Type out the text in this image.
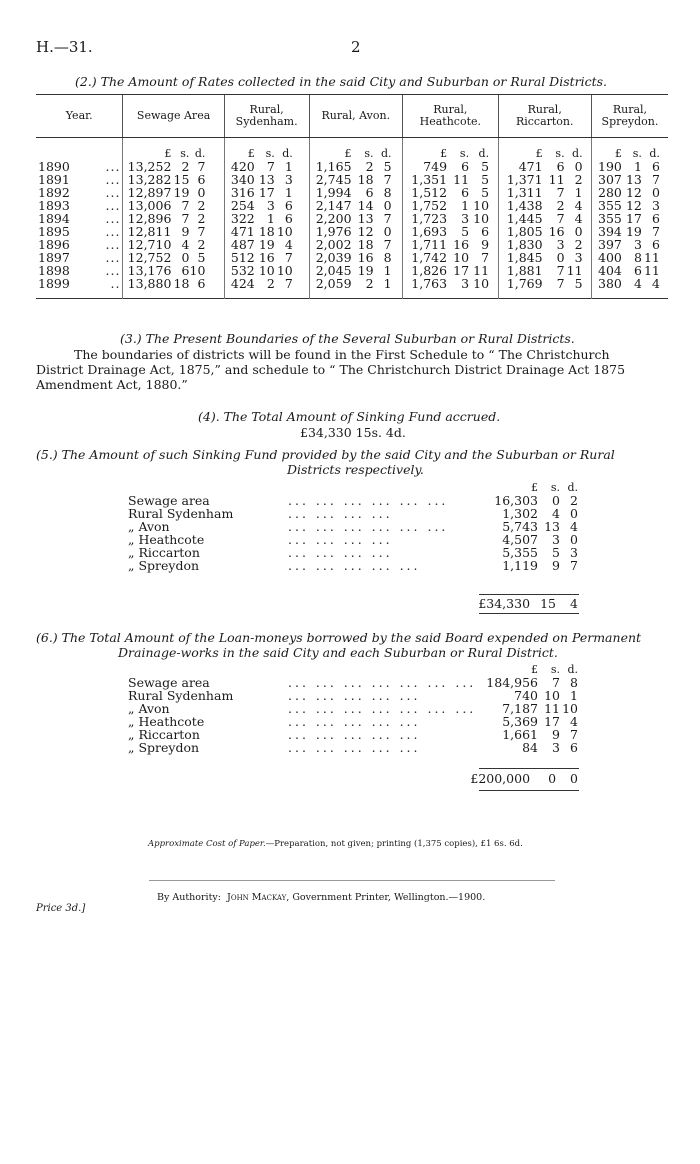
H.—31.	2
(2.) The Amount of Rates collected in the said City and Suburban or Rural Districts.
Year.		Sewage Area	Rural, Sydenham.	Rural, Avon.	Rural, Heathcote.	Rural, Riccarton.	Rural, Spreydon.
		£ s. d.	£ s. d.	£ s. d.	£ s. d.	£ s. d.	£ s. d.
1890	...	13,252 2 7	420 7 1	1,165 2 5	749 6 5	471 6 0	190 1 6
1891	...	13,282 15 6	340 13 3	2,745 18 7	1,351 11 5	1,371 11 2	307 13 7
1892	...	12,897 19 0	316 17 1	1,994 6 8	1,512 6 5	1,311 7 1	280 12 0
1893	...	13,006 7 2	254 3 6	2,147 14 0	1,752 1 10	1,438 2 4	355 12 3
1894	...	12,896 7 2	322 1 6	2,200 13 7	1,723 3 10	1,445 7 4	355 17 6
1895	...	12,811 9 7	471 18 10	1,976 12 0	1,693 5 6	1,805 16 0	394 19 7
1896	...	12,710 4 2	487 19 4	2,002 18 7	1,711 16 9	1,830 3 2	397 3 6
1897	...	12,752 0 5	512 16 7	2,039 16 8	1,742 10 7	1,845 0 3	400 8 11
1898	...	13,176 610	532 10 10	2,045 19 1	1,826 17 11	1,881 7 11	404 6 11
1899	..	13,880 18 6	424 2 7	2,059 2 1	1,763 3 10	1,769 7 5	380 4 4
(3.) The Present Boundaries of the Several Suburban or Rural Districts.
The boundaries of districts will be found in the First Schedule to “ The Christchurch
District Drainage Act, 1875,” and schedule to “ The Christchurch District Drainage Act 1875
Amendment Act, 1880.”
(4). The Total Amount of Sinking Fund accrued.
£34,330 15s. 4d.
(5.) The Amount of such Sinking Fund provided by the said City and the Suburban or Rural
Districts respectively.
£ s. d.
Sewage area	... ... ... ... ... ...	16,303 0 2
Rural Sydenham	... ... ... ...	1,302 4 0
„ Avon	... ... ... ... ... ...	5,743 13 4
„ Heathcote	... ... ... ...	4,507 3 0
„ Riccarton	... ... ... ...	5,355 5 3
„ Spreydon	... ... ... ... ...	1,119 9 7
£34,330 15 4
(6.) The Total Amount of the Loan-moneys borrowed by the said Board expended on Permanent
Drainage-works in the said City and each Suburban or Rural District.
£ s. d.
Sewage area	... ... ... ... ... ... ... 184,956 7 8
Rural Sydenham	... ... ... ... ...	740 10 1
„ Avon	... ... ... ... ... ... ...	7,187 11 10
„ Heathcote	... ... ... ... ...	5,369 17 4
„ Riccarton	... ... ... ... ...	1,661 9 7
„ Spreydon	... ... ... ... ...	84 3 6
£200,000 0 0
Approximate Cost of Paper.—Preparation, not given; printing (1,375 copies), £1 6s. 6d.
By Authority: John Mackay, Government Printer, Wellington.—1900.
Price 3d.]
